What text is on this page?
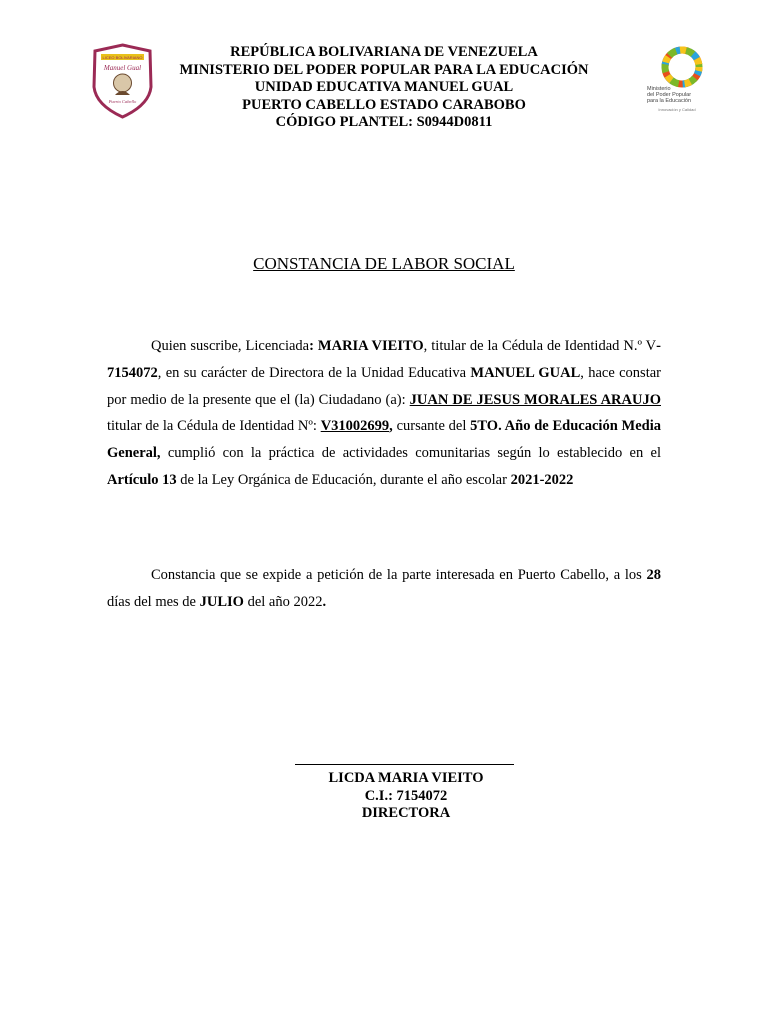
LICEO BOLIVARIANO
Manuel Gual
Puerto Cabello
REPÚBLICA BOLIVARIANA DE VENEZUELA
MINISTERIO DEL PODER POPULAR PARA LA EDUCACIÓN
UNIDAD EDUCATIVA MANUEL GUAL
PUERTO CABELLO ESTADO CARABOBO
CÓDIGO PLANTEL: S0944D0811
Ministerio
del Poder Popular
para la Educación
Innovación y Calidad
CONSTANCIA DE LABOR SOCIAL
Quien suscribe, Licenciada: MARIA VIEITO, titular de la Cédula de Identidad N.º V-7154072, en su carácter de Directora de la Unidad Educativa MANUEL GUAL, hace constar por medio de la presente que el (la) Ciudadano (a): JUAN DE JESUS MORALES ARAUJO titular de la Cédula de Identidad Nº: V31002699, cursante del 5TO. Año de Educación Media General, cumplió con la práctica de actividades comunitarias según lo establecido en el Artículo 13 de la Ley Orgánica de Educación, durante el año escolar 2021-2022
Constancia que se expide a petición de la parte interesada en Puerto Cabello, a los 28 días del mes de JULIO del año 2022.
LICDA MARIA VIEITO
C.I.: 7154072
DIRECTORA
